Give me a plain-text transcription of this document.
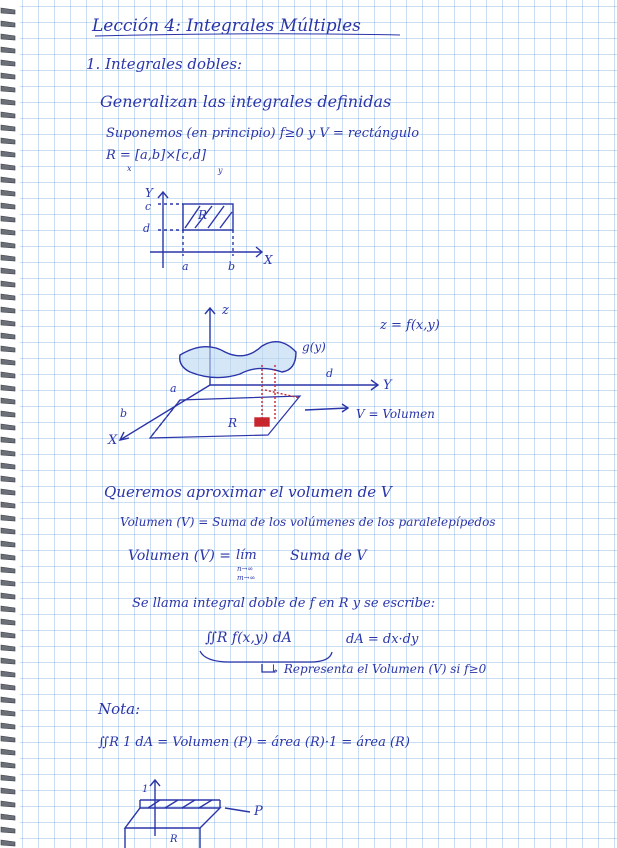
Lección 4: Integrales Múltiples
1. Integrales dobles:
Generalizan las integrales definidas
Suponemos (en principio) f≥0 y V = rectángulo
R = [a,b]×[c,d]
x	y
Y
c
d
R
a	b X
z
z = f(x,y)
g(y)
Y
a
d
b
R
V = Volumen
X
Queremos aproximar el volumen de V
Volumen (V) = Suma de los volúmenes de los paralelepípedos
Volumen (V) = lím
n→∞
m→∞
Suma de V
Se llama integral doble de f en R y se escribe:
∬R f(x,y) dA	dA = dx·dy
↳ Representa el Volumen (V) si f≥0
Nota:
∬R 1 dA = Volumen (P) = área (R)·1 = área (R)
1
P
R
